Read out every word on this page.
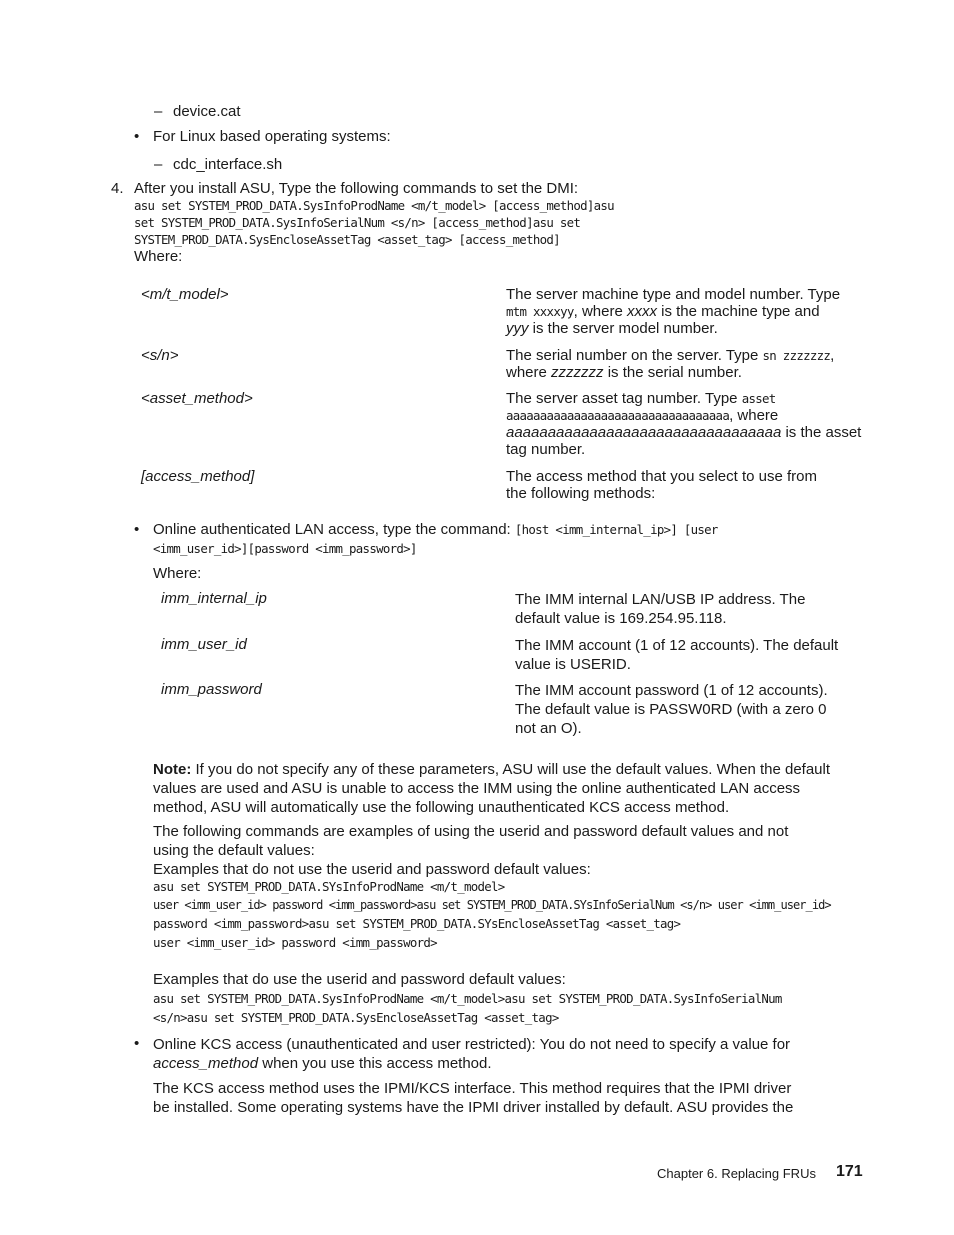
– device.cat
• For Linux based operating systems:
– cdc_interface.sh
4. After you install ASU, Type the following commands to set the DMI:
asu set SYSTEM_PROD_DATA.SysInfoProdName <m/t_model> [access_method]asu
set SYSTEM_PROD_DATA.SysInfoSerialNum <s/n> [access_method]asu set
SYSTEM_PROD_DATA.SysEncloseAssetTag <asset_tag> [access_method]
Where:
<m/t_model>	The server machine type and model number. Type
mtm xxxxyy, where xxxx is the machine type and
yyy is the server model number.
<s/n>	The serial number on the server. Type sn zzzzzzz,
where zzzzzzz is the serial number.
<asset_method>	The server asset tag number. Type asset
aaaaaaaaaaaaaaaaaaaaaaaaaaaaaaaaa, where
aaaaaaaaaaaaaaaaaaaaaaaaaaaaaaaaa is the asset
tag number.
[access_method]	The access method that you select to use from
the following methods:
• Online authenticated LAN access, type the command: [host <imm_internal_ip>] [user
<imm_user_id>][password <imm_password>]
Where:
imm_internal_ip	The IMM internal LAN/USB IP address. The
default value is 169.254.95.118.
imm_user_id	The IMM account (1 of 12 accounts). The default
value is USERID.
imm_password	The IMM account password (1 of 12 accounts).
The default value is PASSW0RD (with a zero 0
not an O).
Note: If you do not specify any of these parameters, ASU will use the default values. When the default
values are used and ASU is unable to access the IMM using the online authenticated LAN access
method, ASU will automatically use the following unauthenticated KCS access method.
The following commands are examples of using the userid and password default values and not
using the default values:
Examples that do not use the userid and password default values:
asu set SYSTEM_PROD_DATA.SYsInfoProdName <m/t_model>
user <imm_user_id> password <imm_password>asu set SYSTEM_PROD_DATA.SYsInfoSerialNum <s/n> user <imm_user_id>
password <imm_password>asu set SYSTEM_PROD_DATA.SYsEncloseAssetTag <asset_tag>
user <imm_user_id> password <imm_password>
Examples that do use the userid and password default values:
asu set SYSTEM_PROD_DATA.SysInfoProdName <m/t_model>asu set SYSTEM_PROD_DATA.SysInfoSerialNum
<s/n>asu set SYSTEM_PROD_DATA.SysEncloseAssetTag <asset_tag>
• Online KCS access (unauthenticated and user restricted): You do not need to specify a value for
access_method when you use this access method.
The KCS access method uses the IPMI/KCS interface. This method requires that the IPMI driver
be installed. Some operating systems have the IPMI driver installed by default. ASU provides the
Chapter 6. Replacing FRUs 171
